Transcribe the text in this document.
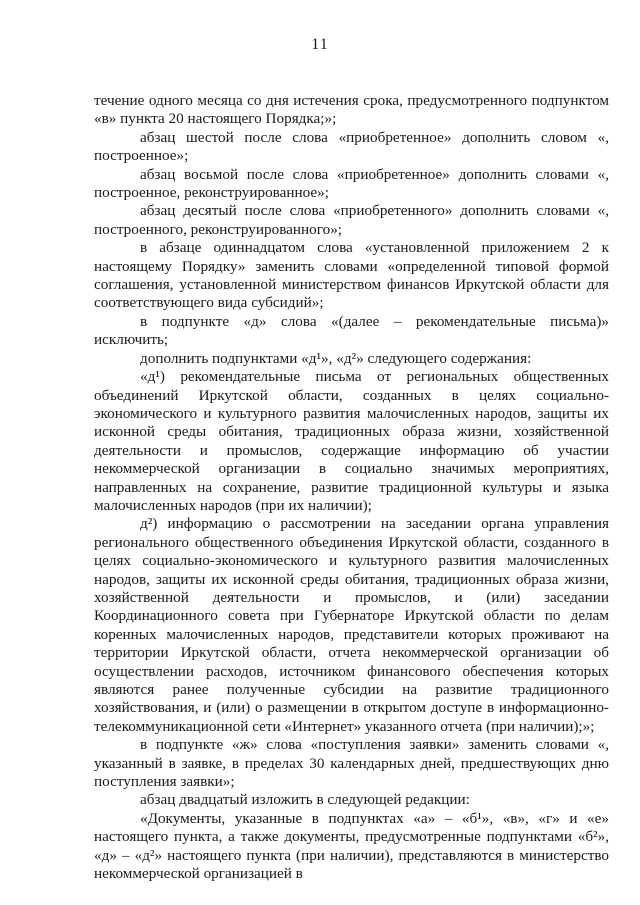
11

течение одного месяца со дня истечения срока, предусмотренного подпунктом «в» пункта 20 настоящего Порядка;»;

абзац шестой после слова «приобретенное» дополнить словом «, построенное»;

абзац восьмой после слова «приобретенное» дополнить словами «, построенное, реконструированное»;

абзац десятый после слова «приобретенного» дополнить словами «, построенного, реконструированного»;

в абзаце одиннадцатом слова «установленной приложением 2 к настоящему Порядку» заменить словами «определенной типовой формой соглашения, установленной министерством финансов Иркутской области для соответствующего вида субсидий»;

в подпункте «д» слова «(далее – рекомендательные письма)» исключить;

дополнить подпунктами «д¹», «д²» следующего содержания:

«д¹) рекомендательные письма от региональных общественных объединений Иркутской области, созданных в целях социально-экономического и культурного развития малочисленных народов, защиты их исконной среды обитания, традиционных образа жизни, хозяйственной деятельности и промыслов, содержащие информацию об участии некоммерческой организации в социально значимых мероприятиях, направленных на сохранение, развитие традиционной культуры и языка малочисленных народов (при их наличии);

д²) информацию о рассмотрении на заседании органа управления регионального общественного объединения Иркутской области, созданного в целях социально-экономического и культурного развития малочисленных народов, защиты их исконной среды обитания, традиционных образа жизни, хозяйственной деятельности и промыслов, и (или) заседании Координационного совета при Губернаторе Иркутской области по делам коренных малочисленных народов, представители которых проживают на территории Иркутской области, отчета некоммерческой организации об осуществлении расходов, источником финансового обеспечения которых являются ранее полученные субсидии на развитие традиционного хозяйствования, и (или) о размещении в открытом доступе в информационно-телекоммуникационной сети «Интернет» указанного отчета (при наличии);»;

в подпункте «ж» слова «поступления заявки» заменить словами «, указанный в заявке, в пределах 30 календарных дней, предшествующих дню поступления заявки»;

абзац двадцатый изложить в следующей редакции:

«Документы, указанные в подпунктах «а» – «б¹», «в», «г» и «е» настоящего пункта, а также документы, предусмотренные подпунктами «б²», «д» – «д²» настоящего пункта (при наличии), представляются в министерство некоммерческой организацией в
